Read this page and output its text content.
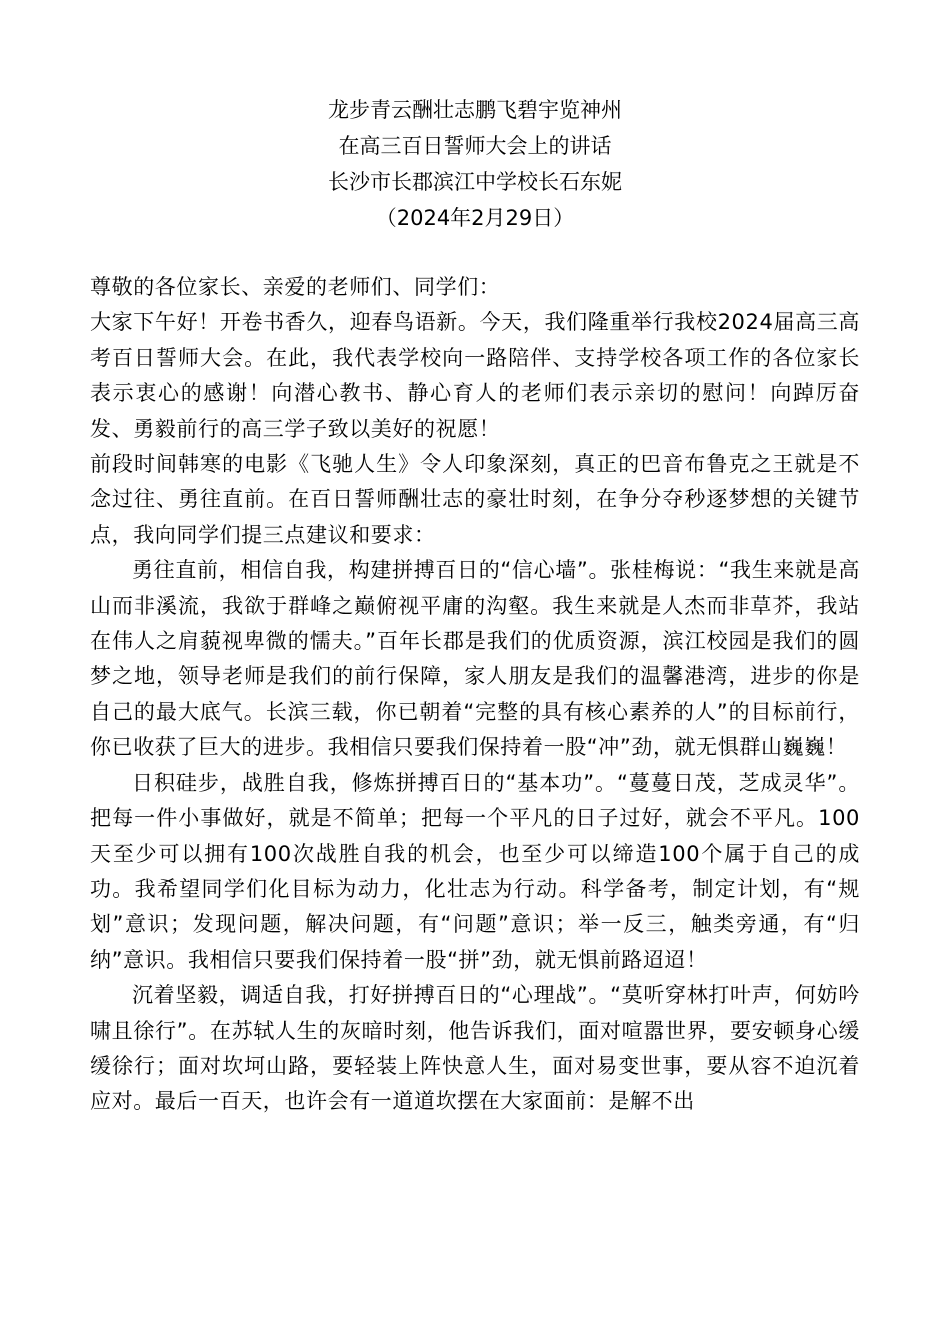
龙步青云酬壮志鹏飞碧宇览神州
在高三百日誓师大会上的讲话
长沙市长郡滨江中学校长石东妮
（2024年2月29日）

尊敬的各位家长、亲爱的老师们、同学们：

大家下午好！开卷书香久，迎春鸟语新。今天，我们隆重举行我校2024届高三高考百日誓师大会。在此，我代表学校向一路陪伴、支持学校各项工作的各位家长表示衷心的感谢！向潜心教书、静心育人的老师们表示亲切的慰问！向踔厉奋发、勇毅前行的高三学子致以美好的祝愿！

前段时间韩寒的电影《飞驰人生》令人印象深刻，真正的巴音布鲁克之王就是不念过往、勇往直前。在百日誓师酬壮志的豪壮时刻，在争分夺秒逐梦想的关键节点，我向同学们提三点建议和要求：

勇往直前，相信自我，构建拼搏百日的“信心墙”。张桂梅说：“我生来就是高山而非溪流，我欲于群峰之巅俯视平庸的沟壑。我生来就是人杰而非草芥，我站在伟人之肩藐视卑微的懦夫。”百年长郡是我们的优质资源，滨江校园是我们的圆梦之地，领导老师是我们的前行保障，家人朋友是我们的温馨港湾，进步的你是自己的最大底气。长滨三载，你已朝着“完整的具有核心素养的人”的目标前行，你已收获了巨大的进步。我相信只要我们保持着一股“冲”劲，就无惧群山巍巍！

日积硅步，战胜自我，修炼拼搏百日的“基本功”。“蔓蔓日茂，芝成灵华”。把每一件小事做好，就是不简单；把每一个平凡的日子过好，就会不平凡。100天至少可以拥有100次战胜自我的机会，也至少可以缔造100个属于自己的成功。我希望同学们化目标为动力，化壮志为行动。科学备考，制定计划，有“规划”意识；发现问题，解决问题，有“问题”意识；举一反三，触类旁通，有“归纳”意识。我相信只要我们保持着一股“拼”劲，就无惧前路迢迢！

沉着坚毅，调适自我，打好拼搏百日的“心理战”。“莫听穿林打叶声，何妨吟啸且徐行”。在苏轼人生的灰暗时刻，他告诉我们，面对喧嚣世界，要安顿身心缓缓徐行；面对坎坷山路，要轻装上阵快意人生，面对易变世事，要从容不迫沉着应对。最后一百天，也许会有一道道坎摆在大家面前：是解不出
